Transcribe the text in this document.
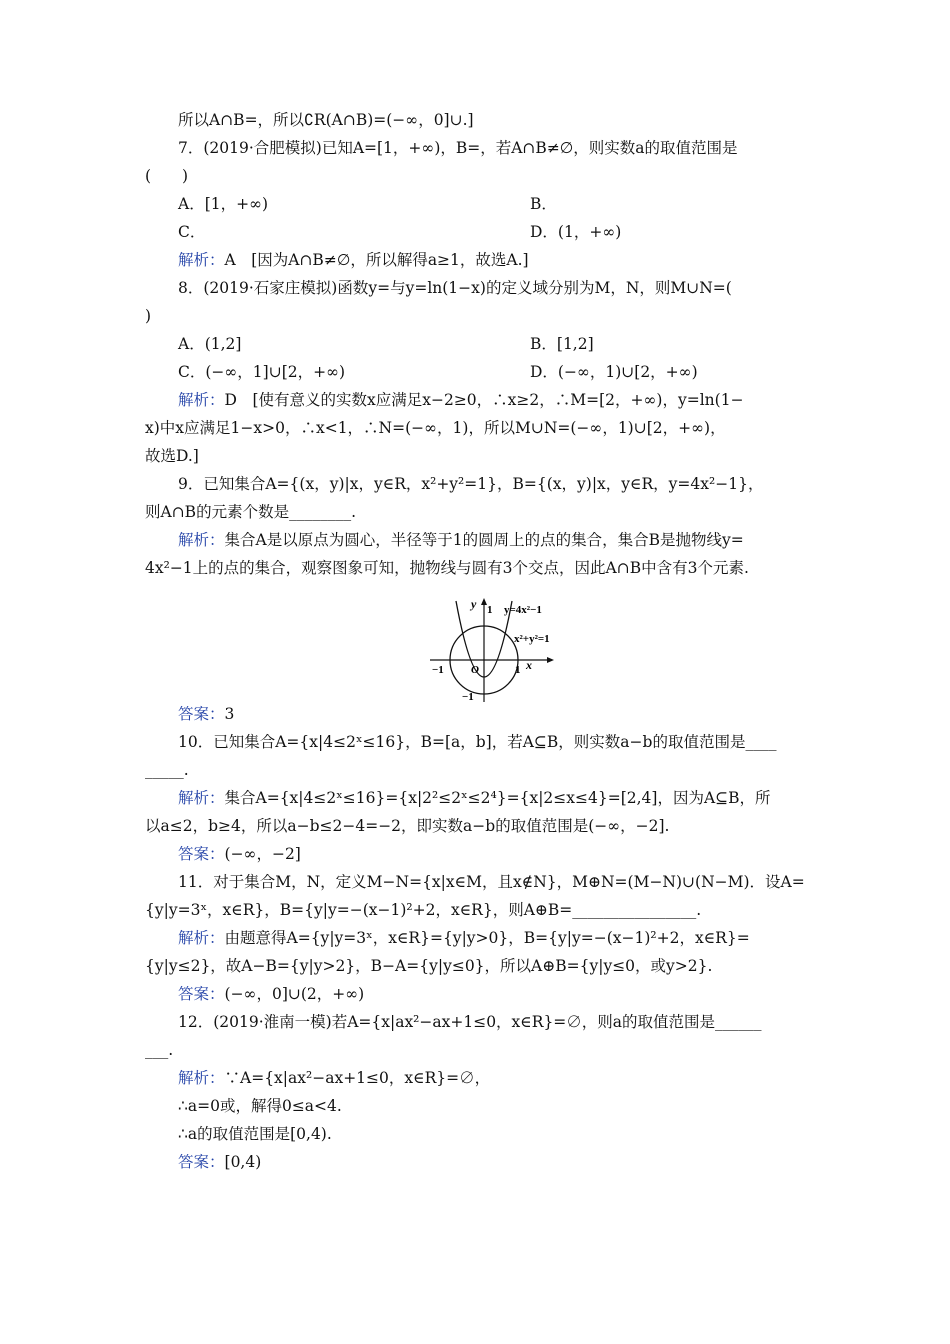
所以A∩B=，所以∁R(A∩B)=(−∞，0]∪.]
7．(2019·合肥模拟)已知A=[1，+∞)，B=，若A∩B≠∅，则实数a的取值范围是
(　　)
A．[1，+∞)	B．
C．	D．(1，+∞)
解析：A　[因为A∩B≠∅，所以解得a≥1，故选A.]
8．(2019·石家庄模拟)函数y=与y=ln(1−x)的定义域分别为M，N，则M∪N=(
)
A．(1,2]	B．[1,2]
C．(−∞，1]∪[2，+∞)	D．(−∞，1)∪[2，+∞)
解析：D　[使有意义的实数x应满足x−2≥0，∴x≥2，∴M=[2，+∞)，y=ln(1−
x)中x应满足1−x>0，∴x<1，∴N=(−∞，1)，所以M∪N=(−∞，1)∪[2，+∞)，
故选D.]
9．已知集合A={(x，y)|x，y∈R，x²+y²=1}，B={(x，y)|x，y∈R，y=4x²−1}，
则A∩B的元素个数是________.
解析：集合A是以原点为圆心，半径等于1的圆周上的点的集合，集合B是抛物线y=
4x²−1上的点的集合，观察图象可知，抛物线与圆有3个交点，因此A∩B中含有3个元素.
答案：3
10．已知集合A={x|4≤2ˣ≤16}，B=[a，b]，若A⊆B，则实数a−b的取值范围是____
_____.
解析：集合A={x|4≤2ˣ≤16}={x|2²≤2ˣ≤2⁴}={x|2≤x≤4}=[2,4]，因为A⊆B，所
以a≤2，b≥4，所以a−b≤2−4=−2，即实数a−b的取值范围是(−∞，−2].
答案：(−∞，−2]
11．对于集合M，N，定义M−N={x|x∈M，且x∉N}，M⊕N=(M−N)∪(N−M)．设A=
{y|y=3ˣ，x∈R}，B={y|y=−(x−1)²+2，x∈R}，则A⊕B=________________.
解析：由题意得A={y|y=3ˣ，x∈R}={y|y>0}，B={y|y=−(x−1)²+2，x∈R}=
{y|y≤2}，故A−B={y|y>2}，B−A={y|y≤0}，所以A⊕B={y|y≤0，或y>2}.
答案：(−∞，0]∪(2，+∞)
12．(2019·淮南一模)若A={x|ax²−ax+1≤0，x∈R}=∅，则a的取值范围是______
___.
解析：∵A={x|ax²−ax+1≤0，x∈R}=∅，
∴a=0或，解得0≤a<4.
∴a的取值范围是[0,4).
答案：[0,4)
y 1 y=4x²−1
x²+y²=1
−1 O	1 x
−1
